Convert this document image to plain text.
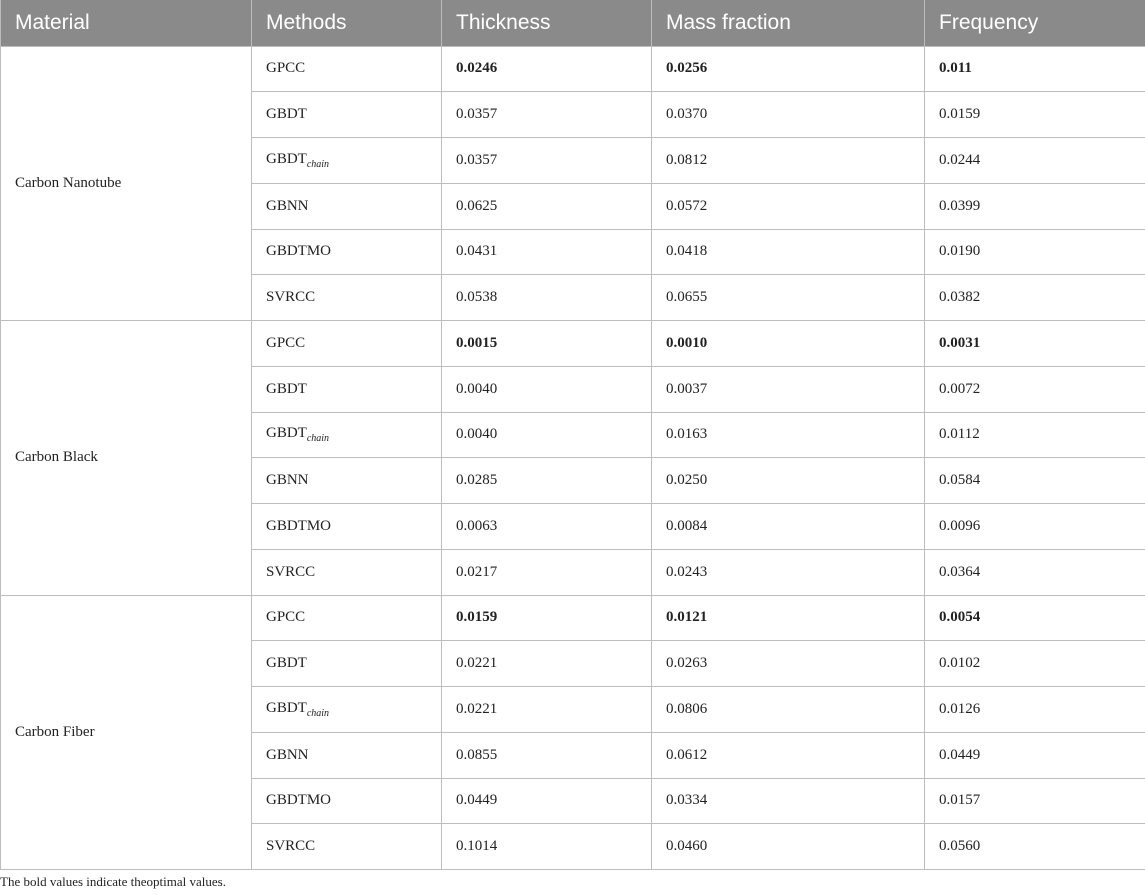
Material	Methods	Thickness	Mass fraction	Frequency
Carbon Nanotube	GPCC	0.0246	0.0256	0.011
	GBDT	0.0357	0.0370	0.0159
	$GBDT_{chain}$	0.0357	0.0812	0.0244
	GBNN	0.0625	0.0572	0.0399
	GBDTMO	0.0431	0.0418	0.0190
	SVRCC	0.0538	0.0655	0.0382
Carbon Black	GPCC	0.0015	0.0010	0.0031
	GBDT	0.0040	0.0037	0.0072
	$GBDT_{chain}$	0.0040	0.0163	0.0112
	GBNN	0.0285	0.0250	0.0584
	GBDTMO	0.0063	0.0084	0.0096
	SVRCC	0.0217	0.0243	0.0364
Carbon Fiber	GPCC	0.0159	0.0121	0.0054
	GBDT	0.0221	0.0263	0.0102
	$GBDT_{chain}$	0.0221	0.0806	0.0126
	GBNN	0.0855	0.0612	0.0449
	GBDTMO	0.0449	0.0334	0.0157
	SVRCC	0.1014	0.0460	0.0560
The bold values indicate theoptimal values.
